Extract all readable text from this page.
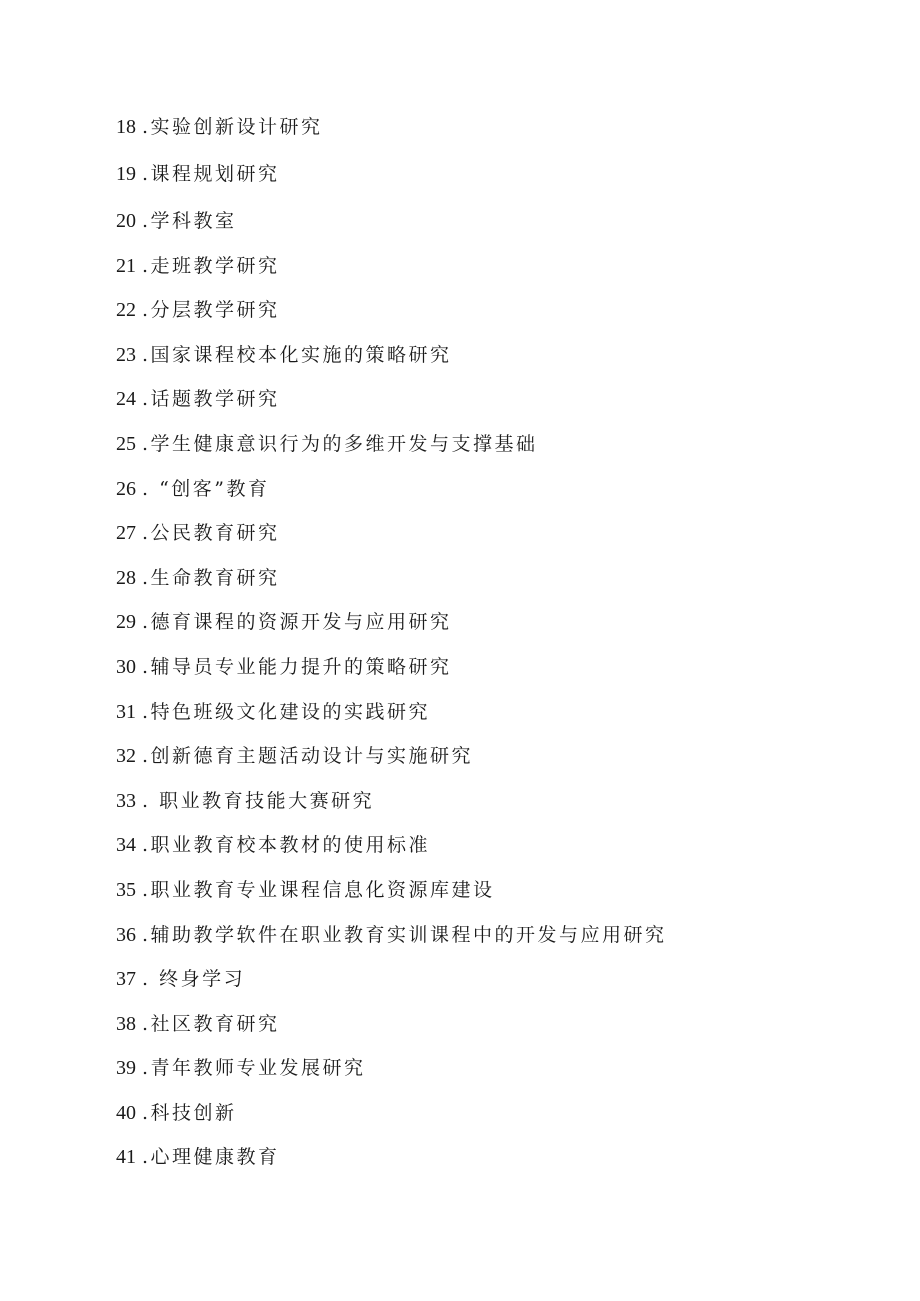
18 .实验创新设计研究
19 .课程规划研究
20 .学科教室
21 .走班教学研究
22 .分层教学研究
23 .国家课程校本化实施的策略研究
24 .话题教学研究
25 .学生健康意识行为的多维开发与支撑基础
26 . “创客”教育
27 .公民教育研究
28 .生命教育研究
29 .德育课程的资源开发与应用研究
30 .辅导员专业能力提升的策略研究
31 .特色班级文化建设的实践研究
32 .创新德育主题活动设计与实施研究
33 . 职业教育技能大赛研究
34 .职业教育校本教材的使用标准
35 .职业教育专业课程信息化资源库建设
36 .辅助教学软件在职业教育实训课程中的开发与应用研究
37 . 终身学习
38 .社区教育研究
39 .青年教师专业发展研究
40 .科技创新
41 .心理健康教育
